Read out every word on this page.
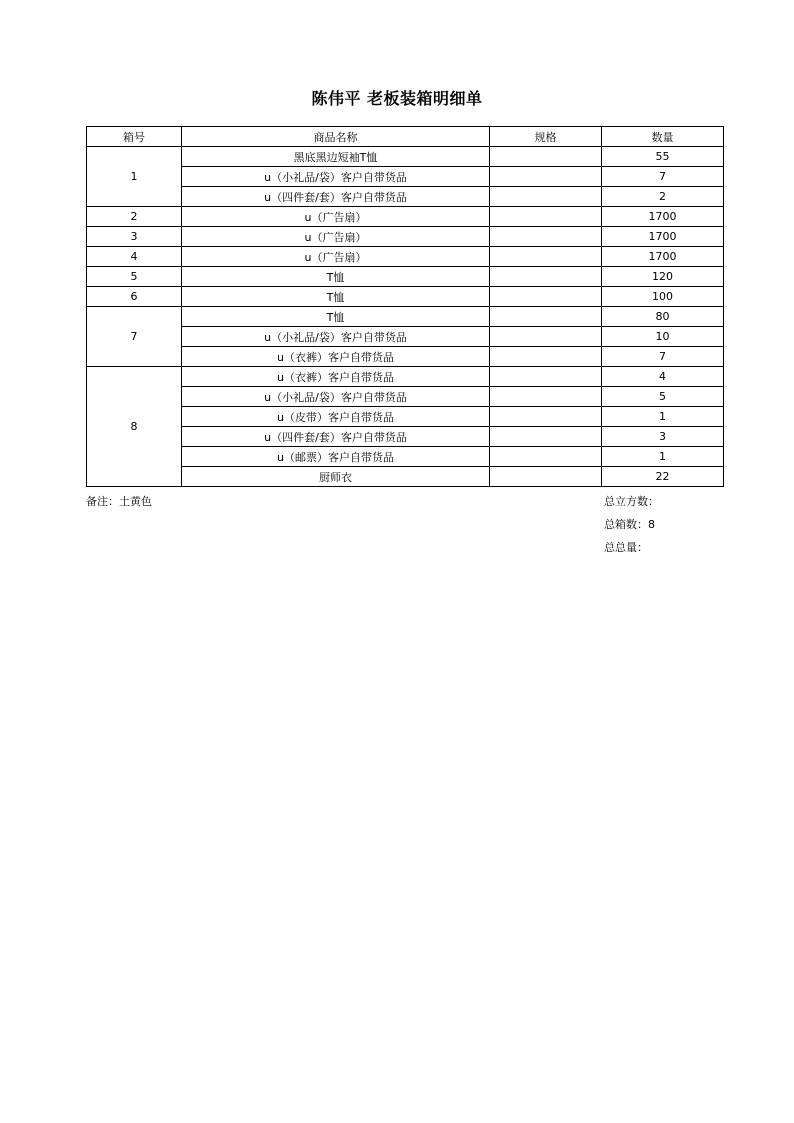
陈伟平 老板装箱明细单
箱号	商品名称	规格	数量
1	黑底黑边短袖T恤		55
	u（小礼品/袋）客户自带货品		7
	u（四件套/套）客户自带货品		2
2	u（广告扇）		1700
3	u（广告扇）		1700
4	u（广告扇）		1700
5	T恤		120
6	T恤		100
7	T恤		80
	u（小礼品/袋）客户自带货品		10
	u（衣裤）客户自带货品		7
8	u（衣裤）客户自带货品		4
	u（小礼品/袋）客户自带货品		5
	u（皮带）客户自带货品		1
	u（四件套/套）客户自带货品		3
	u（邮票）客户自带货品		1
	厨师衣		22
备注：土黄色	总立方数：
总箱数：8
总总量：
